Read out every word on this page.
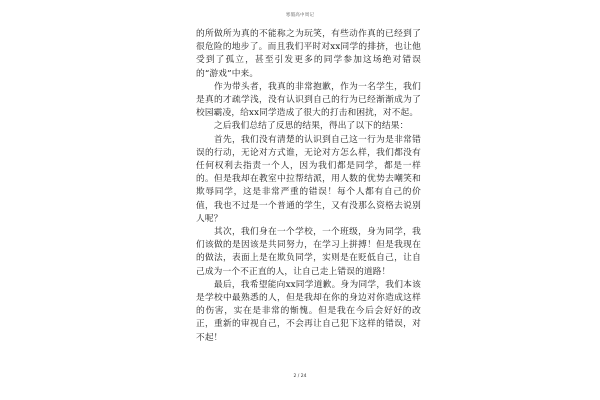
寒假高中周记

的所做所为真的不能称之为玩笑，有些动作真的已经到了很危险的地步了。而且我们平时对xx同学的排挤，也让他受到了孤立，甚至引发更多的同学参加这场绝对错误的“游戏”中来。

作为带头者，我真的非常抱歉，作为一名学生，我们是真的才疏学浅，没有认识到自己的行为已经渐渐成为了校园霸凌，给xx同学造成了很大的打击和困扰，对不起。

之后我们总结了反思的结果，得出了以下的结果：

首先，我们没有清楚的认识到自己这一行为是非常错误的行动，无论对方式谁，无论对方怎么样，我们都没有任何权利去指责一个人，因为我们都是同学，都是一样的。但是我却在教室中拉帮结派，用人数的优势去嘲笑和欺辱同学，这是非常严重的错误！每个人都有自己的价值，我也不过是一个普通的学生，又有没那么资格去说别人呢？

其次，我们身在一个学校，一个班级，身为同学，我们该做的是因该是共同努力，在学习上拼搏！但是我现在的做法，表面上是在欺负同学，实则是在贬低自己，让自己成为一个不正直的人，让自己走上错误的道路！

最后，我希望能向xx同学道歉。身为同学，我们本该是学校中最熟悉的人，但是我却在你的身边对你造成这样的伤害，实在是非常的惭愧。但是我在今后会好好的改正，重新的审视自己，不会再让自己犯下这样的错误，对不起！

2 / 24
